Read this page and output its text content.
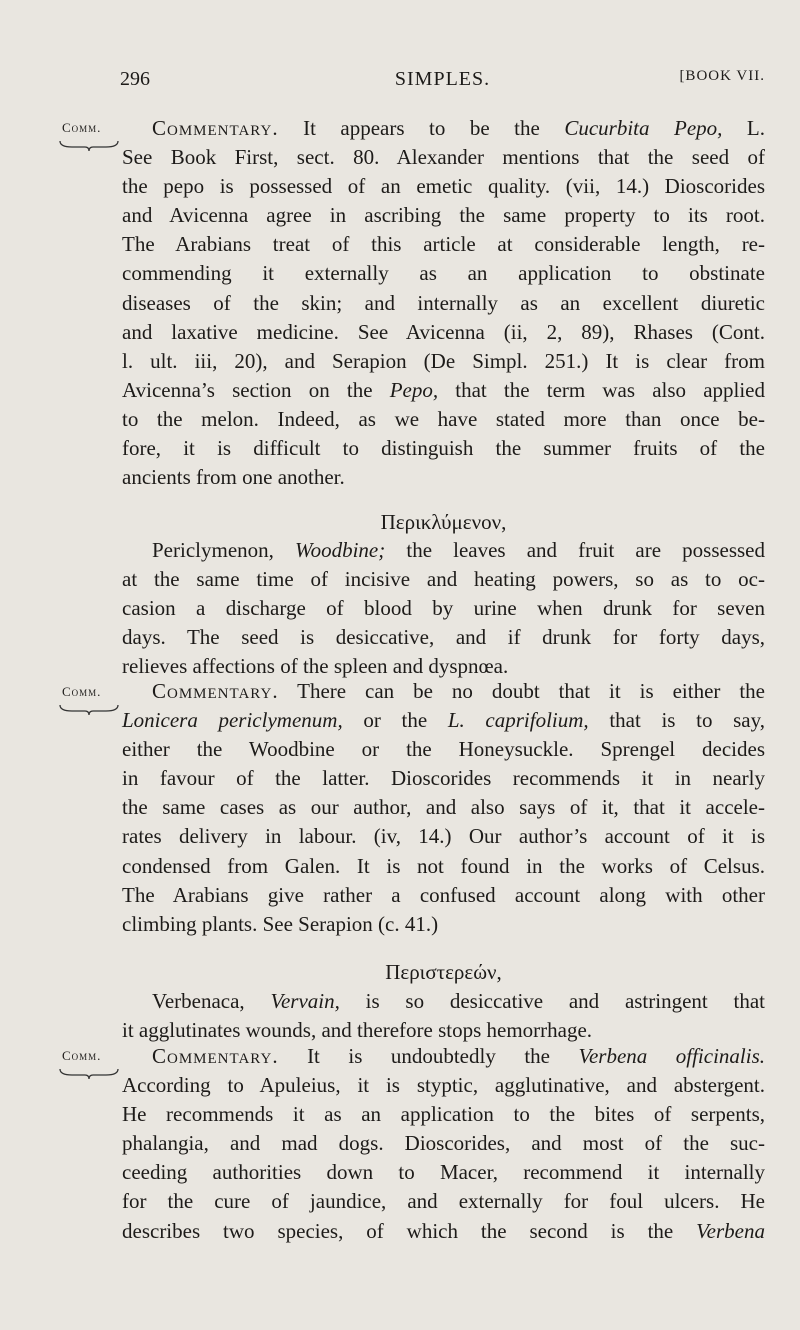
296	SIMPLES.	[BOOK VII.
Comm.
Comm.
Comm.
Commentary. It appears to be the Cucurbita Pepo, L.
See Book First, sect. 80. Alexander mentions that the seed of
the pepo is possessed of an emetic quality. (vii, 14.) Dioscorides
and Avicenna agree in ascribing the same property to its root.
The Arabians treat of this article at considerable length, re-
commending it externally as an application to obstinate
diseases of the skin; and internally as an excellent diuretic
and laxative medicine. See Avicenna (ii, 2, 89), Rhases (Cont.
l. ult. iii, 20), and Serapion (De Simpl. 251.) It is clear from
Avicenna’s section on the Pepo, that the term was also applied
to the melon. Indeed, as we have stated more than once be-
fore, it is difficult to distinguish the summer fruits of the
ancients from one another.
Περικλύμενον,
Periclymenon, Woodbine; the leaves and fruit are possessed
at the same time of incisive and heating powers, so as to oc-
casion a discharge of blood by urine when drunk for seven
days. The seed is desiccative, and if drunk for forty days,
relieves affections of the spleen and dyspnœa.
Commentary. There can be no doubt that it is either the
Lonicera periclymenum, or the L. caprifolium, that is to say,
either the Woodbine or the Honeysuckle. Sprengel decides
in favour of the latter. Dioscorides recommends it in nearly
the same cases as our author, and also says of it, that it accele-
rates delivery in labour. (iv, 14.) Our author’s account of it is
condensed from Galen. It is not found in the works of Celsus.
The Arabians give rather a confused account along with other
climbing plants. See Serapion (c. 41.)
Περιστερεών,
Verbenaca, Vervain, is so desiccative and astringent that
it agglutinates wounds, and therefore stops hemorrhage.
Commentary. It is undoubtedly the Verbena officinalis.
According to Apuleius, it is styptic, agglutinative, and abstergent.
He recommends it as an application to the bites of serpents,
phalangia, and mad dogs. Dioscorides, and most of the suc-
ceeding authorities down to Macer, recommend it internally
for the cure of jaundice, and externally for foul ulcers. He
describes two species, of which the second is the Verbena
